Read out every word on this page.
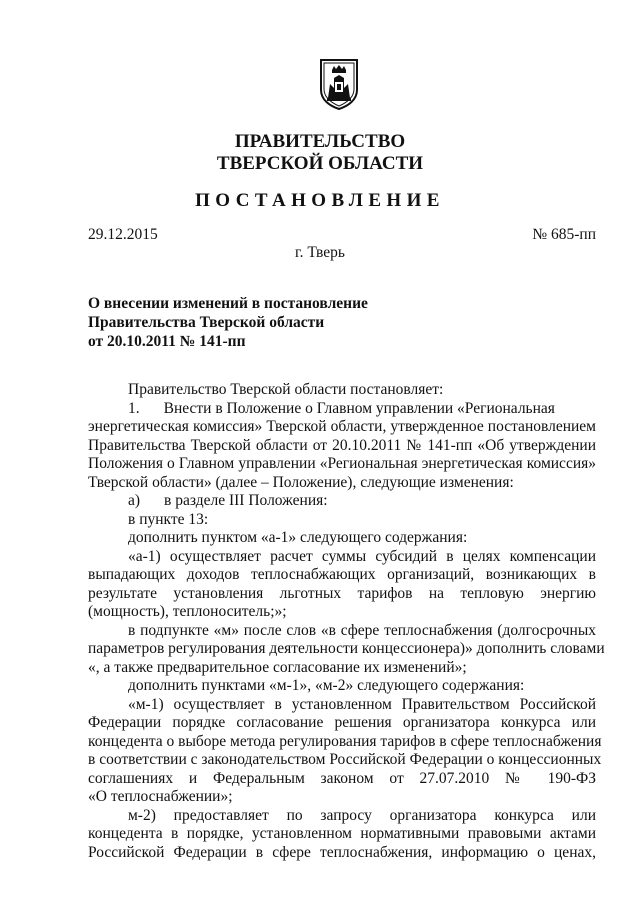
ПРАВИТЕЛЬСТВО
ТВЕРСКОЙ ОБЛАСТИ
ПОСТАНОВЛЕНИЕ
29.12.2015	№ 685-пп
г. Тверь
О внесении изменений в постановление
Правительства Тверской области
от 20.10.2011 № 141-пп
Правительство Тверской области постановляет:
1. Внести в Положение о Главном управлении «Региональная
энергетическая комиссия» Тверской области, утвержденное постановлением
Правительства Тверской области от 20.10.2011 № 141-пп «Об утверждении
Положения о Главном управлении «Региональная энергетическая комиссия»
Тверской области» (далее – Положение), следующие изменения:
а) в разделе III Положения:
в пункте 13:
дополнить пунктом «а-1» следующего содержания:
«а-1) осуществляет расчет суммы субсидий в целях компенсации
выпадающих доходов теплоснабжающих организаций, возникающих в
результате установления льготных тарифов на тепловую энергию
(мощность), теплоноситель;»;
в подпункте «м» после слов «в сфере теплоснабжения (долгосрочных
параметров регулирования деятельности концессионера)» дополнить словами
«, а также предварительное согласование их изменений»;
дополнить пунктами «м-1», «м-2» следующего содержания:
«м-1) осуществляет в установленном Правительством Российской
Федерации порядке согласование решения организатора конкурса или
концедента о выборе метода регулирования тарифов в сфере теплоснабжения
в соответствии с законодательством Российской Федерации о концессионных
соглашениях и Федеральным законом от 27.07.2010 № 190-ФЗ
«О теплоснабжении»;
м-2) предоставляет по запросу организатора конкурса или
концедента в порядке, установленном нормативными правовыми актами
Российской Федерации в сфере теплоснабжения, информацию о ценах,
